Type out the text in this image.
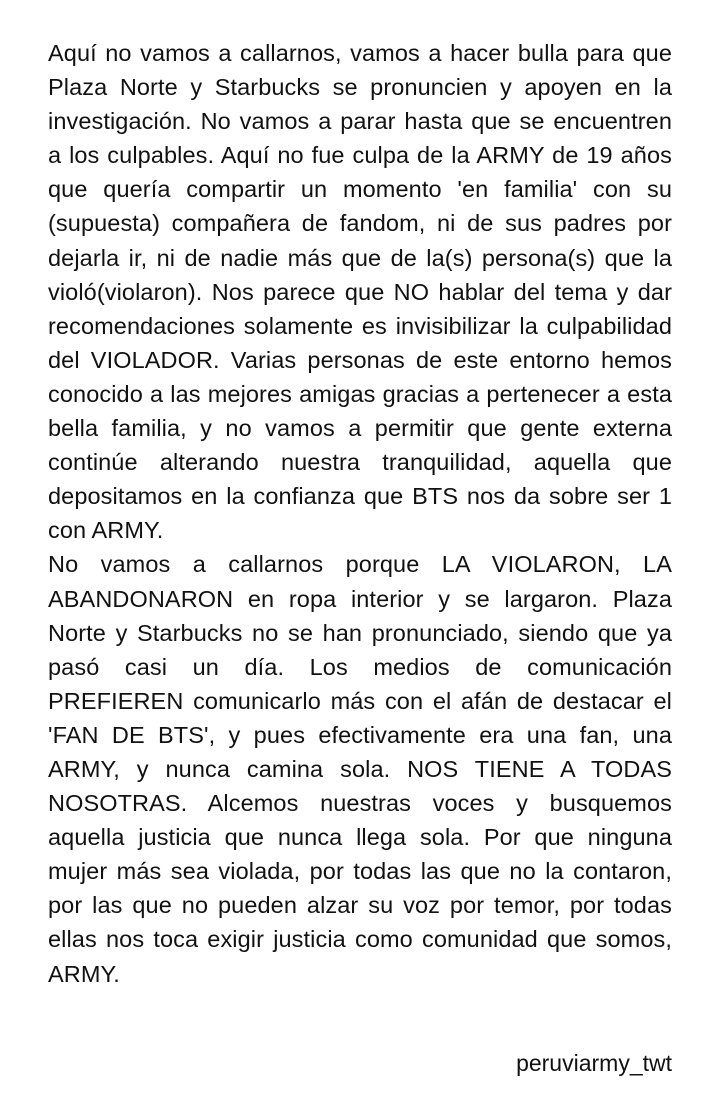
Aquí no vamos a callarnos, vamos a hacer bulla para que Plaza Norte y Starbucks se pronuncien y apoyen en la investigación. No vamos a parar hasta que se encuentren a los culpables. Aquí no fue culpa de la ARMY de 19 años que quería compartir un momento 'en familia' con su (supuesta) compañera de fandom, ni de sus padres por dejarla ir, ni de nadie más que de la(s) persona(s) que la violó(violaron). Nos parece que NO hablar del tema y dar recomendaciones solamente es invisibilizar la culpabilidad del VIOLADOR. Varias personas de este entorno hemos conocido a las mejores amigas gracias a pertenecer a esta bella familia, y no vamos a permitir que gente externa continúe alterando nuestra tranquilidad, aquella que depositamos en la confianza que BTS nos da sobre ser 1 con ARMY.

No vamos a callarnos porque LA VIOLARON, LA ABANDONARON en ropa interior y se largaron. Plaza Norte y Starbucks no se han pronunciado, siendo que ya pasó casi un día. Los medios de comunicación PREFIEREN comunicarlo más con el afán de destacar el 'FAN DE BTS', y pues efectivamente era una fan, una ARMY, y nunca camina sola. NOS TIENE A TODAS NOSOTRAS. Alcemos nuestras voces y busquemos aquella justicia que nunca llega sola. Por que ninguna mujer más sea violada, por todas las que no la contaron, por las que no pueden alzar su voz por temor, por todas ellas nos toca exigir justicia como comunidad que somos, ARMY.

peruviarmy_twt
